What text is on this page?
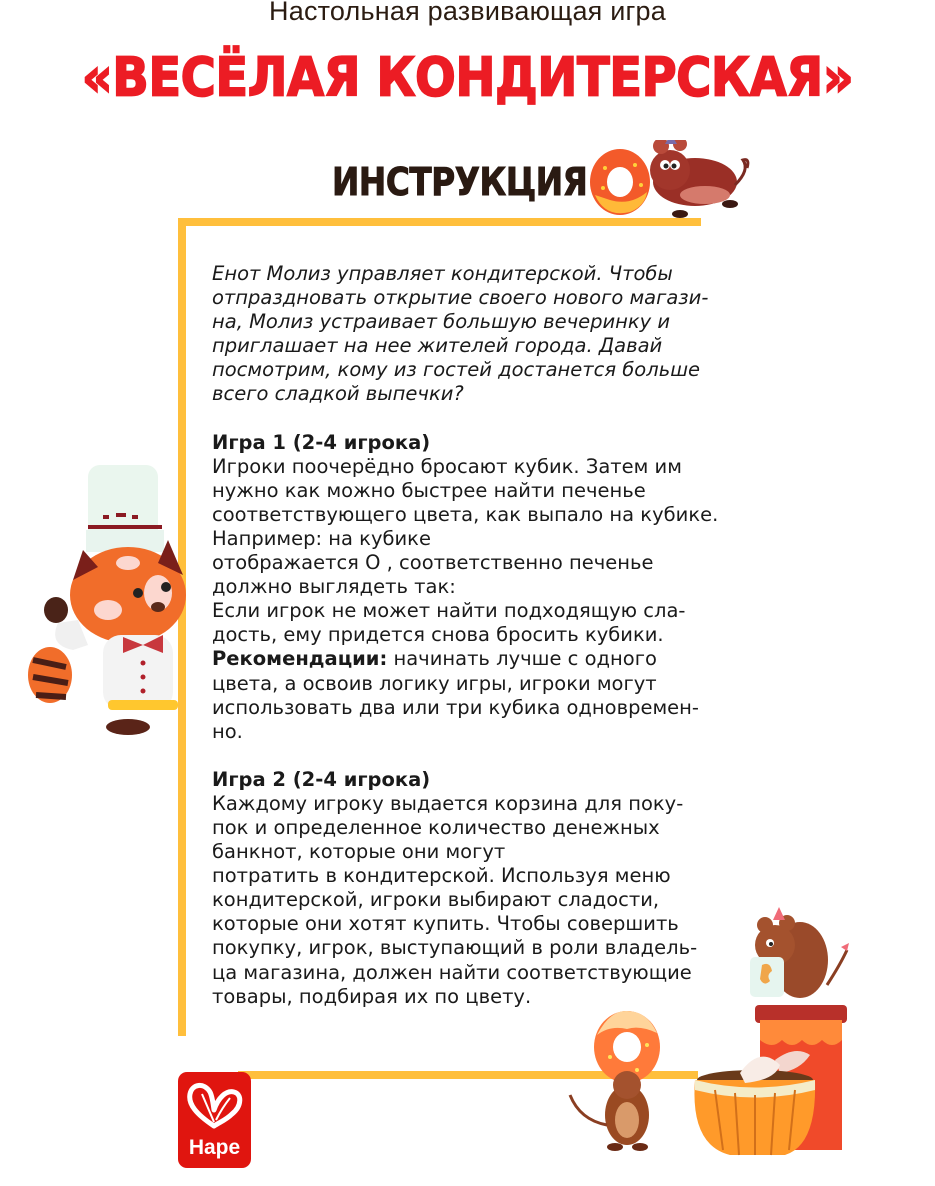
Настольная развивающая игра
«ВЕСЁЛАЯ КОНДИТЕРСКАЯ»
ИНСТРУКЦИЯ
Енот Молиз управляет кондитерской. Чтобы
отпраздновать открытие своего нового магази-
на, Молиз устраивает большую вечеринку и
приглашает на нее жителей города. Давай
посмотрим, кому из гостей достанется больше
всего сладкой выпечки?
Игра 1 (2-4 игрока)
Игроки поочерёдно бросают кубик. Затем им
нужно как можно быстрее найти печенье
соответствующего цвета, как выпало на кубике.
Например: на кубике
отображается О , соответственно печенье
должно выглядеть так:
Если игрок не может найти подходящую сла-
дость, ему придется снова бросить кубики.
Рекомендации: начинать лучше с одного
цвета, а освоив логику игры, игроки могут
использовать два или три кубика одновремен-
но.
Игра 2 (2-4 игрока)
Каждому игроку выдается корзина для поку-
пок и определенное количество денежных
банкнот, которые они могут
потратить в кондитерской. Используя меню
кондитерской, игроки выбирают сладости,
которые они хотят купить. Чтобы совершить
покупку, игрок, выступающий в роли владель-
ца магазина, должен найти соответствующие
товары, подбирая их по цвету.
Hape
